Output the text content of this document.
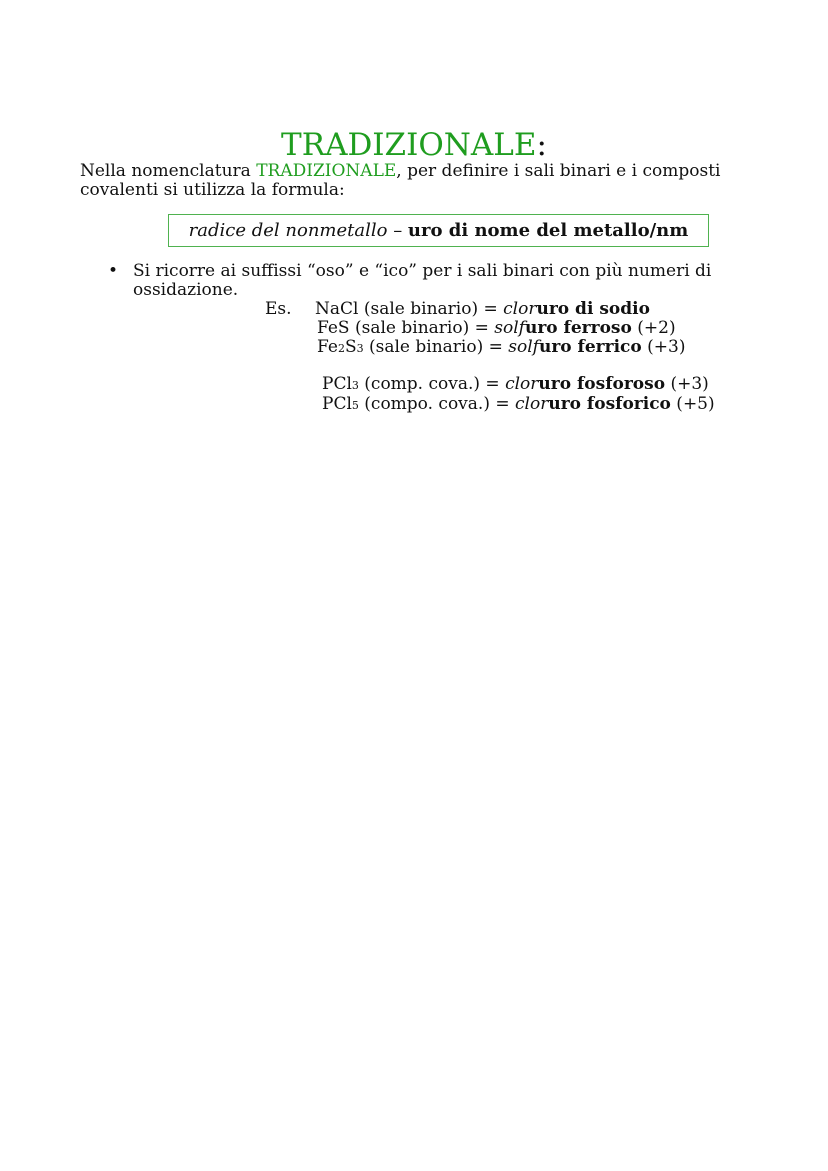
TRADIZIONALE:

Nella nomenclatura TRADIZIONALE, per definire i sali binari e i composti covalenti si utilizza la formula:

radice del nonmetallo – uro di nome del metallo/nm
• Si ricorre ai suffissi “oso” e “ico” per i sali binari con più numeri di ossidazione.

Es. NaCl (sale binario) = cloruro di sodio
FeS (sale binario) = solfuro ferroso (+2)
Fe2S3 (sale binario) = solfuro ferrico (+3)
PCl3 (comp. cova.) = cloruro fosforoso (+3)
PCl5 (compo. cova.) = cloruro fosforico (+5)
